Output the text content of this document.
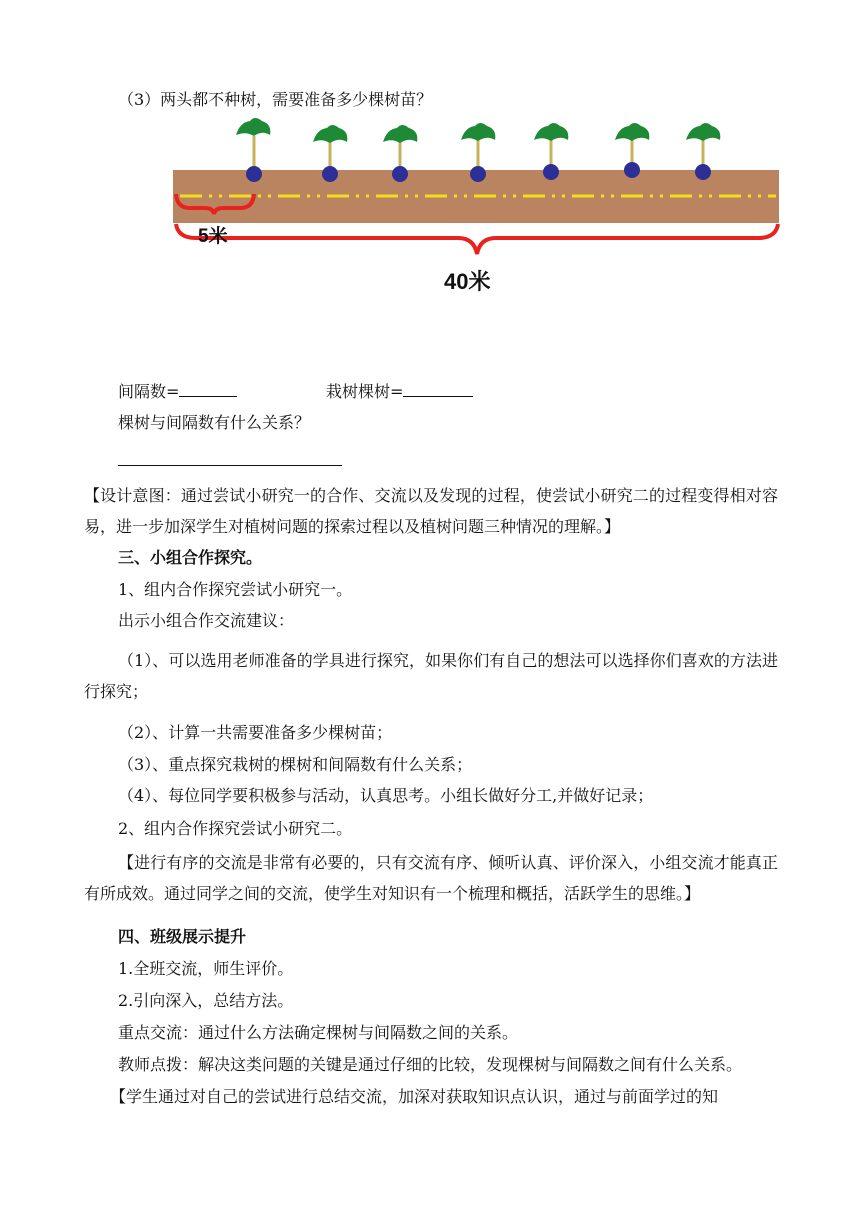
（3）两头都不种树，需要准备多少棵树苗？
5米
40米
间隔数=	栽树棵树=
棵树与间隔数有什么关系？
【设计意图：通过尝试小研究一的合作、交流以及发现的过程，使尝试小研究二的过程变得相对容易，进一步加深学生对植树问题的探索过程以及植树问题三种情况的理解。】
三、小组合作探究。
1、组内合作探究尝试小研究一。
出示小组合作交流建议：
（1）、可以选用老师准备的学具进行探究，如果你们有自己的想法可以选择你们喜欢的方法进行探究；
（2）、计算一共需要准备多少棵树苗；
（3）、重点探究栽树的棵树和间隔数有什么关系；
（4）、每位同学要积极参与活动，认真思考。小组长做好分工,并做好记录；
2、组内合作探究尝试小研究二。
【进行有序的交流是非常有必要的，只有交流有序、倾听认真、评价深入，小组交流才能真正有所成效。通过同学之间的交流，使学生对知识有一个梳理和概括，活跃学生的思维。】
四、班级展示提升
1.全班交流，师生评价。
2.引向深入，总结方法。
重点交流：通过什么方法确定棵树与间隔数之间的关系。
教师点拨：解决这类问题的关键是通过仔细的比较，发现棵树与间隔数之间有什么关系。
【学生通过对自己的尝试进行总结交流，加深对获取知识点认识，通过与前面学过的知
